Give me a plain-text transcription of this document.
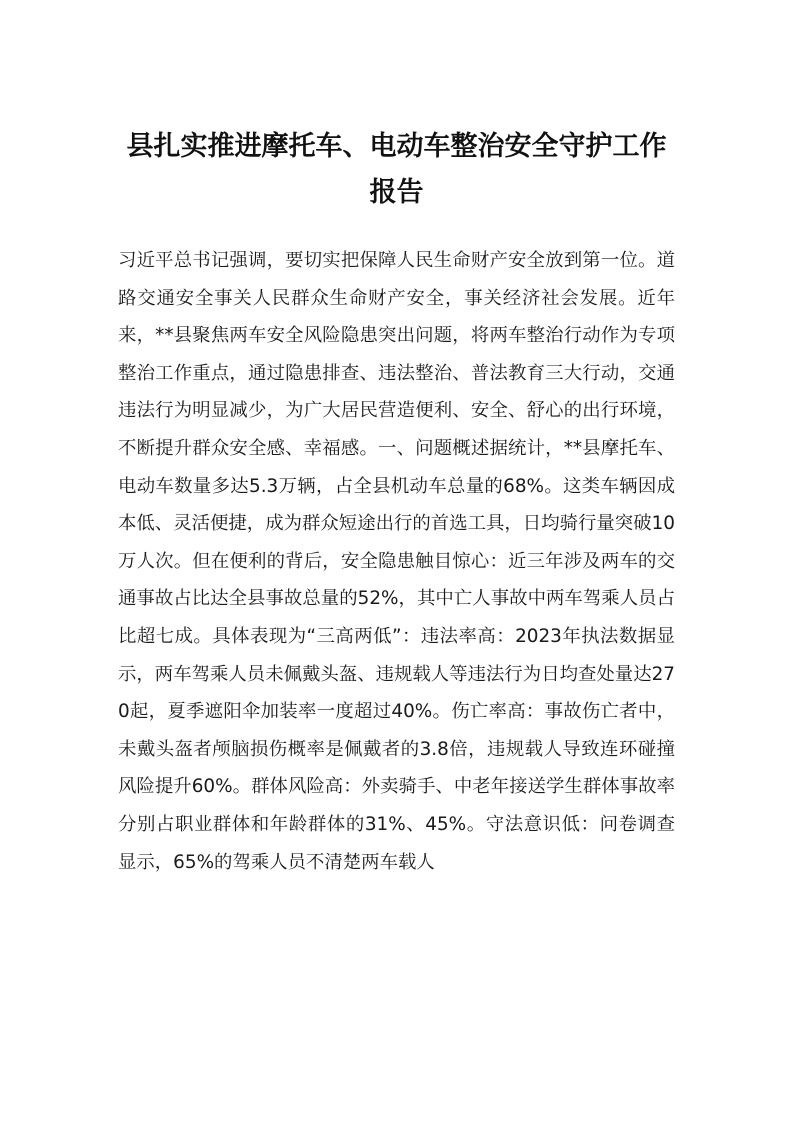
县扎实推进摩托车、电动车整治安全守护工作报告

习近平总书记强调，要切实把保障人民生命财产安全放到第一位。道路交通安全事关人民群众生命财产安全，事关经济社会发展。近年来，**县聚焦两车安全风险隐患突出问题，将两车整治行动作为专项整治工作重点，通过隐患排查、违法整治、普法教育三大行动，交通违法行为明显减少，为广大居民营造便利、安全、舒心的出行环境，不断提升群众安全感、幸福感。一、问题概述据统计，**县摩托车、电动车数量多达5.3万辆，占全县机动车总量的68%。这类车辆因成本低、灵活便捷，成为群众短途出行的首选工具，日均骑行量突破10万人次。但在便利的背后，安全隐患触目惊心：近三年涉及两车的交通事故占比达全县事故总量的52%，其中亡人事故中两车驾乘人员占比超七成。具体表现为“三高两低”：违法率高：2023年执法数据显示，两车驾乘人员未佩戴头盔、违规载人等违法行为日均查处量达270起，夏季遮阳伞加装率一度超过40%。伤亡率高：事故伤亡者中，未戴头盔者颅脑损伤概率是佩戴者的3.8倍，违规载人导致连环碰撞风险提升60%。群体风险高：外卖骑手、中老年接送学生群体事故率分别占职业群体和年龄群体的31%、45%。守法意识低：问卷调查显示，65%的驾乘人员不清楚两车载人
